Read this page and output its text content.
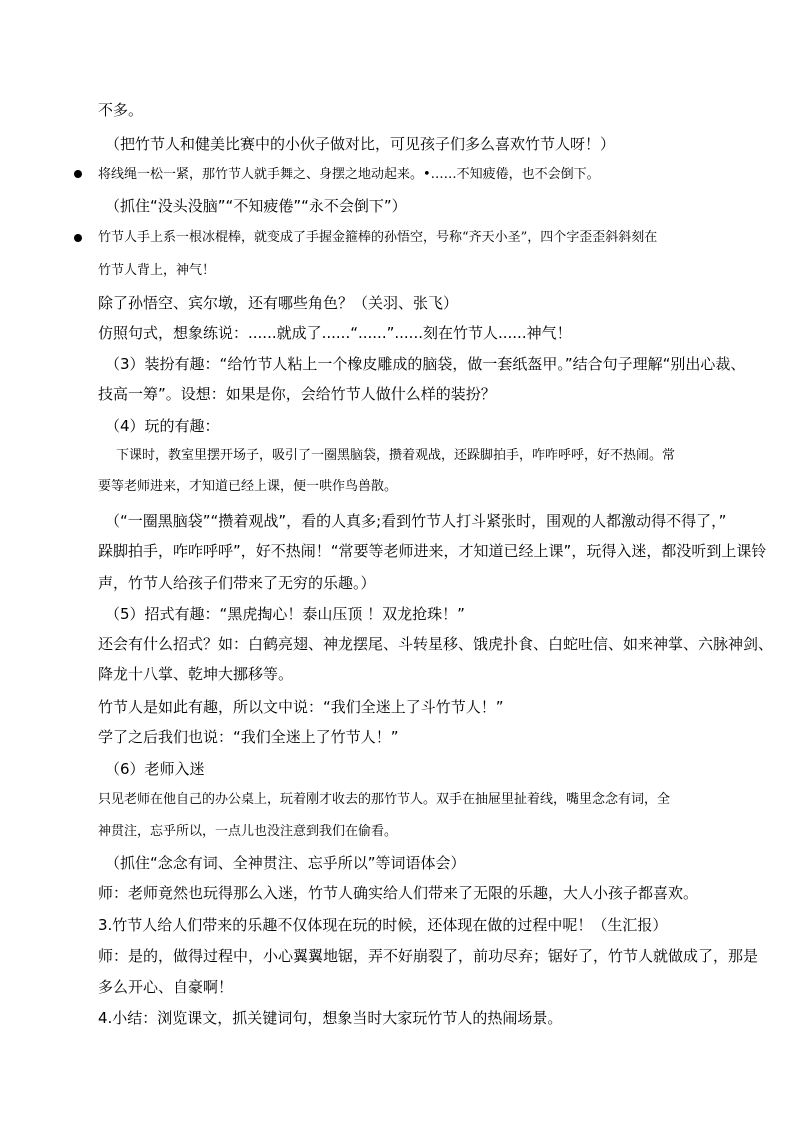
不多。
（把竹节人和健美比赛中的小伙子做对比，可见孩子们多么喜欢竹节人呀！）
将线绳一松一紧，那竹节人就手舞之、身摆之地动起来。•……不知疲倦，也不会倒下。
（抓住“没头没脑”“不知疲倦”“永不会倒下”）
竹节人手上系一根冰棍棒，就变成了手握金箍棒的孙悟空，号称“齐天小圣”，四个字歪歪斜斜刻在
竹节人背上，神气！
除了孙悟空、宾尔墩，还有哪些角色？（关羽、张飞）
仿照句式，想象练说：......就成了......“......”......刻在竹节人......神气！
（3）装扮有趣：“给竹节人粘上一个橡皮雕成的脑袋，做一套纸盔甲。”结合句子理解“别出心裁、
技高一筹”。设想：如果是你，会给竹节人做什么样的装扮？
（4）玩的有趣：
下课时，教室里摆开场子，吸引了一圈黑脑袋，攒着观战，还跺脚拍手，咋咋呼呼，好不热闹。常
要等老师进来，才知道已经上课，便一哄作鸟兽散。
（“一圈黑脑袋”“攒着观战”，看的人真多;看到竹节人打斗紧张时，围观的人都激动得不得了，”
跺脚拍手，咋咋呼呼”，好不热闹！“常要等老师进来，才知道已经上课”，玩得入迷，都没听到上课铃
声，竹节人给孩子们带来了无穷的乐趣。）
（5）招式有趣：“黑虎掏心！泰山压顶 ！双龙抢珠！”
还会有什么招式？如：白鹤亮翅、神龙摆尾、斗转星移、饿虎扑食、白蛇吐信、如来神掌、六脉神剑、
降龙十八掌、乾坤大挪移等。
竹节人是如此有趣，所以文中说：“我们全迷上了斗竹节人！”
学了之后我们也说：“我们全迷上了竹节人！”
（6）老师入迷
只见老师在他自己的办公桌上，玩着刚才收去的那竹节人。双手在抽屉里扯着线，嘴里念念有词，全
神贯注，忘乎所以，一点儿也没注意到我们在偷看。
（抓住“念念有词、全神贯注、忘乎所以”等词语体会）
师：老师竟然也玩得那么入迷，竹节人确实给人们带来了无限的乐趣，大人小孩子都喜欢。
3.竹节人给人们带来的乐趣不仅体现在玩的时候，还体现在做的过程中呢！（生汇报）
师：是的，做得过程中，小心翼翼地锯，弄不好崩裂了，前功尽弃；锯好了，竹节人就做成了，那是
多么开心、自豪啊！
4.小结：浏览课文，抓关键词句，想象当时大家玩竹节人的热闹场景。
